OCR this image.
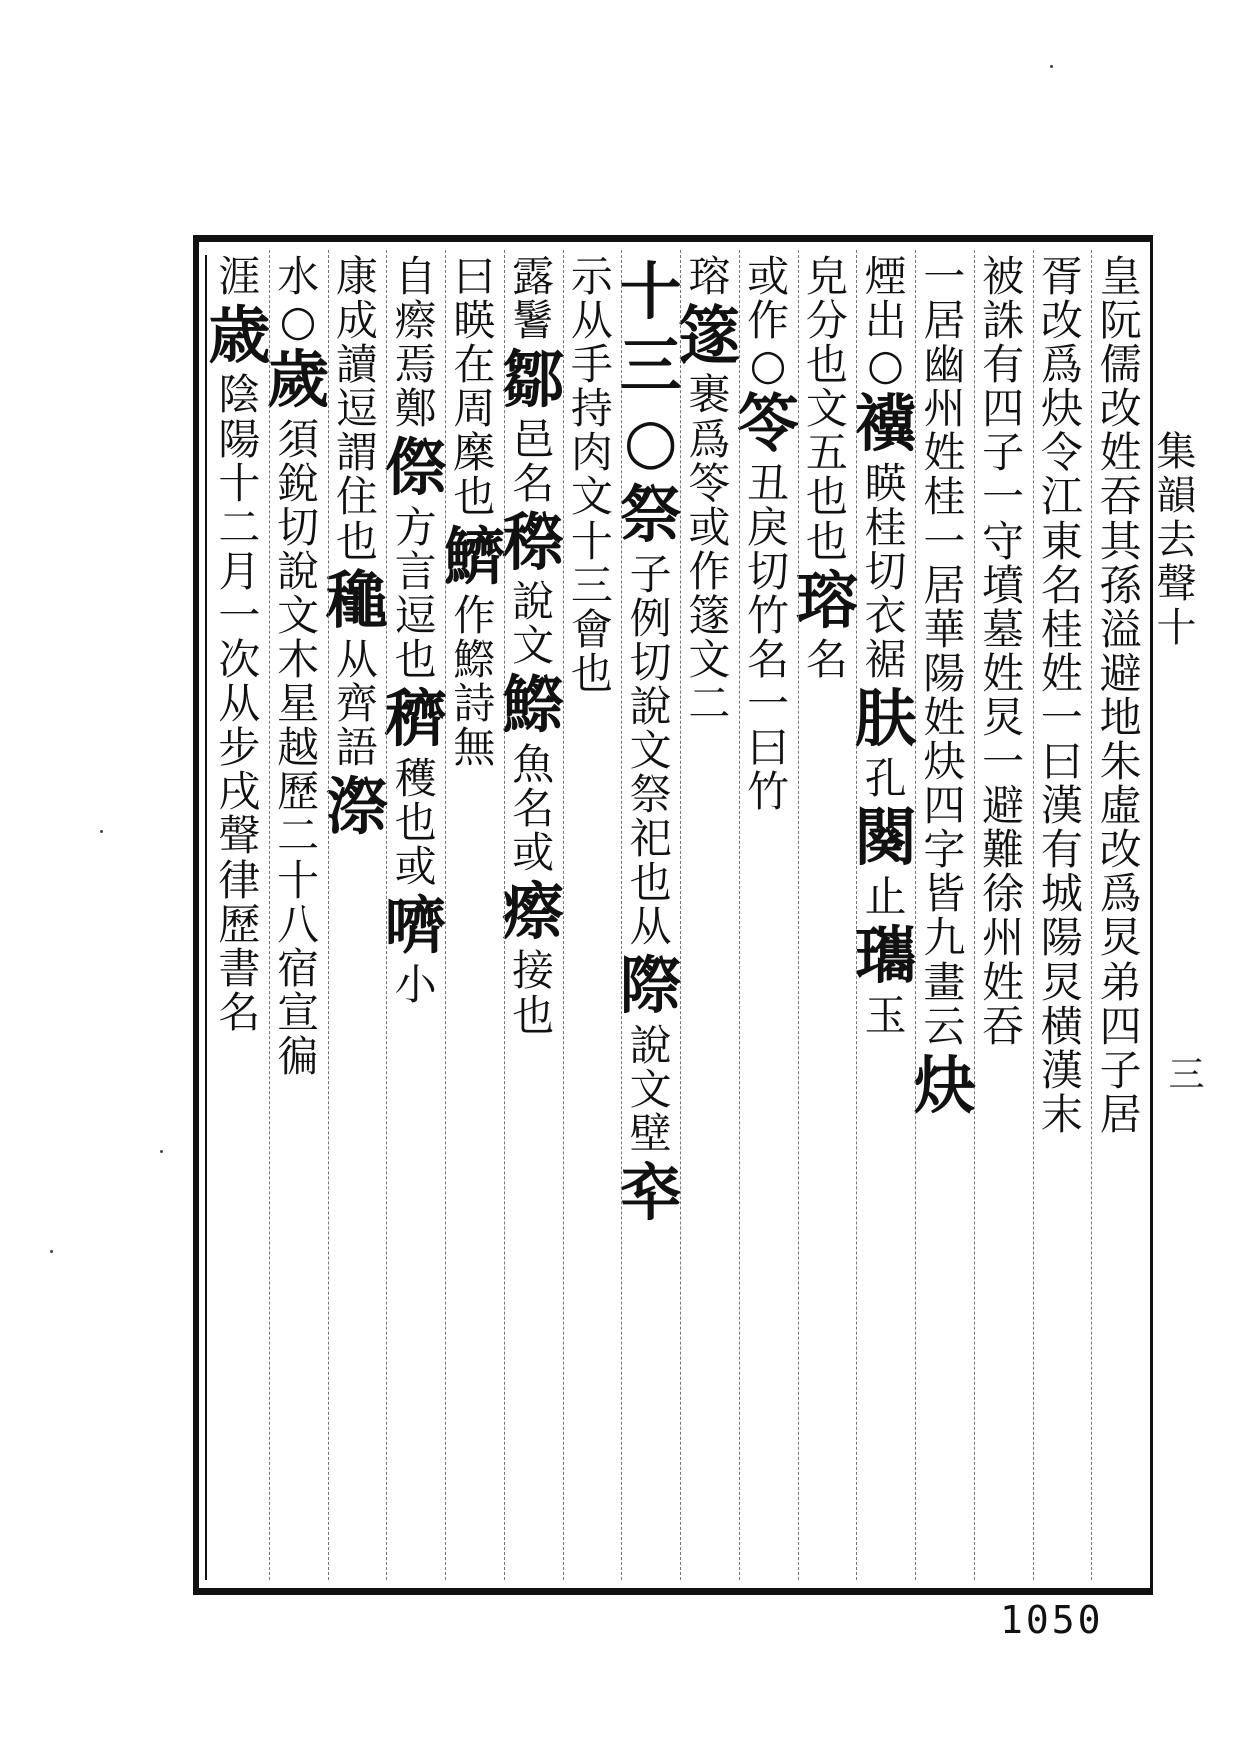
皇
阮
儒
改
姓
吞
其
孫
溢
避
地
朱
虛
改
爲
炅
弟
四
子
居
胥
改
爲
炔
令
江
東
名
桂
姓
一
曰
漢
有
城
陽
炅
横
漢
末
被
誅
有
四
子
一
守
墳
墓
姓
炅
一
避
難
徐
州
姓
吞
一
居
幽
州
姓
桂
一
居
華
陽
姓
炔
四
字
皆
九
畫
云
炔
煙
出
○
䙫
䁐
桂
切
衣
裾
肤
孔
闋
止
瓗
玉
皃
分
也
文
五
也
也
瑢
名
或
作
○
笭
丑
戾
切
竹
名
一
曰
竹
瑢
篴
裹
爲
笭
或
作
篴
文
二
十
三
○
祭
子
例
切
說
文
祭
祀
也
从
際
說
文
壁
䘚
示
从
手
持
肉
文
十
三
會
也
露
鬐
鄒
邑
名
穄
說
文
鰶
魚
名
或
瘵
接
也
曰
䁐
在
周
穈
也
鱭
作
鰶
詩
無
自
瘵
焉
鄭
傺
方
言
逗
也
穧
穫
也
或
嚌
小
康
成
讀
逗
謂
住
也
䆋
从
齊
語
漈
水
○
歲
須
銳
切
說
文
木
星
越
歷
二
十
八
宿
宣
徧
涯
歳
陰
陽
十
二
月
一
次
从
步
戌
聲
律
歷
書
名
集韻去聲十
三
1050
